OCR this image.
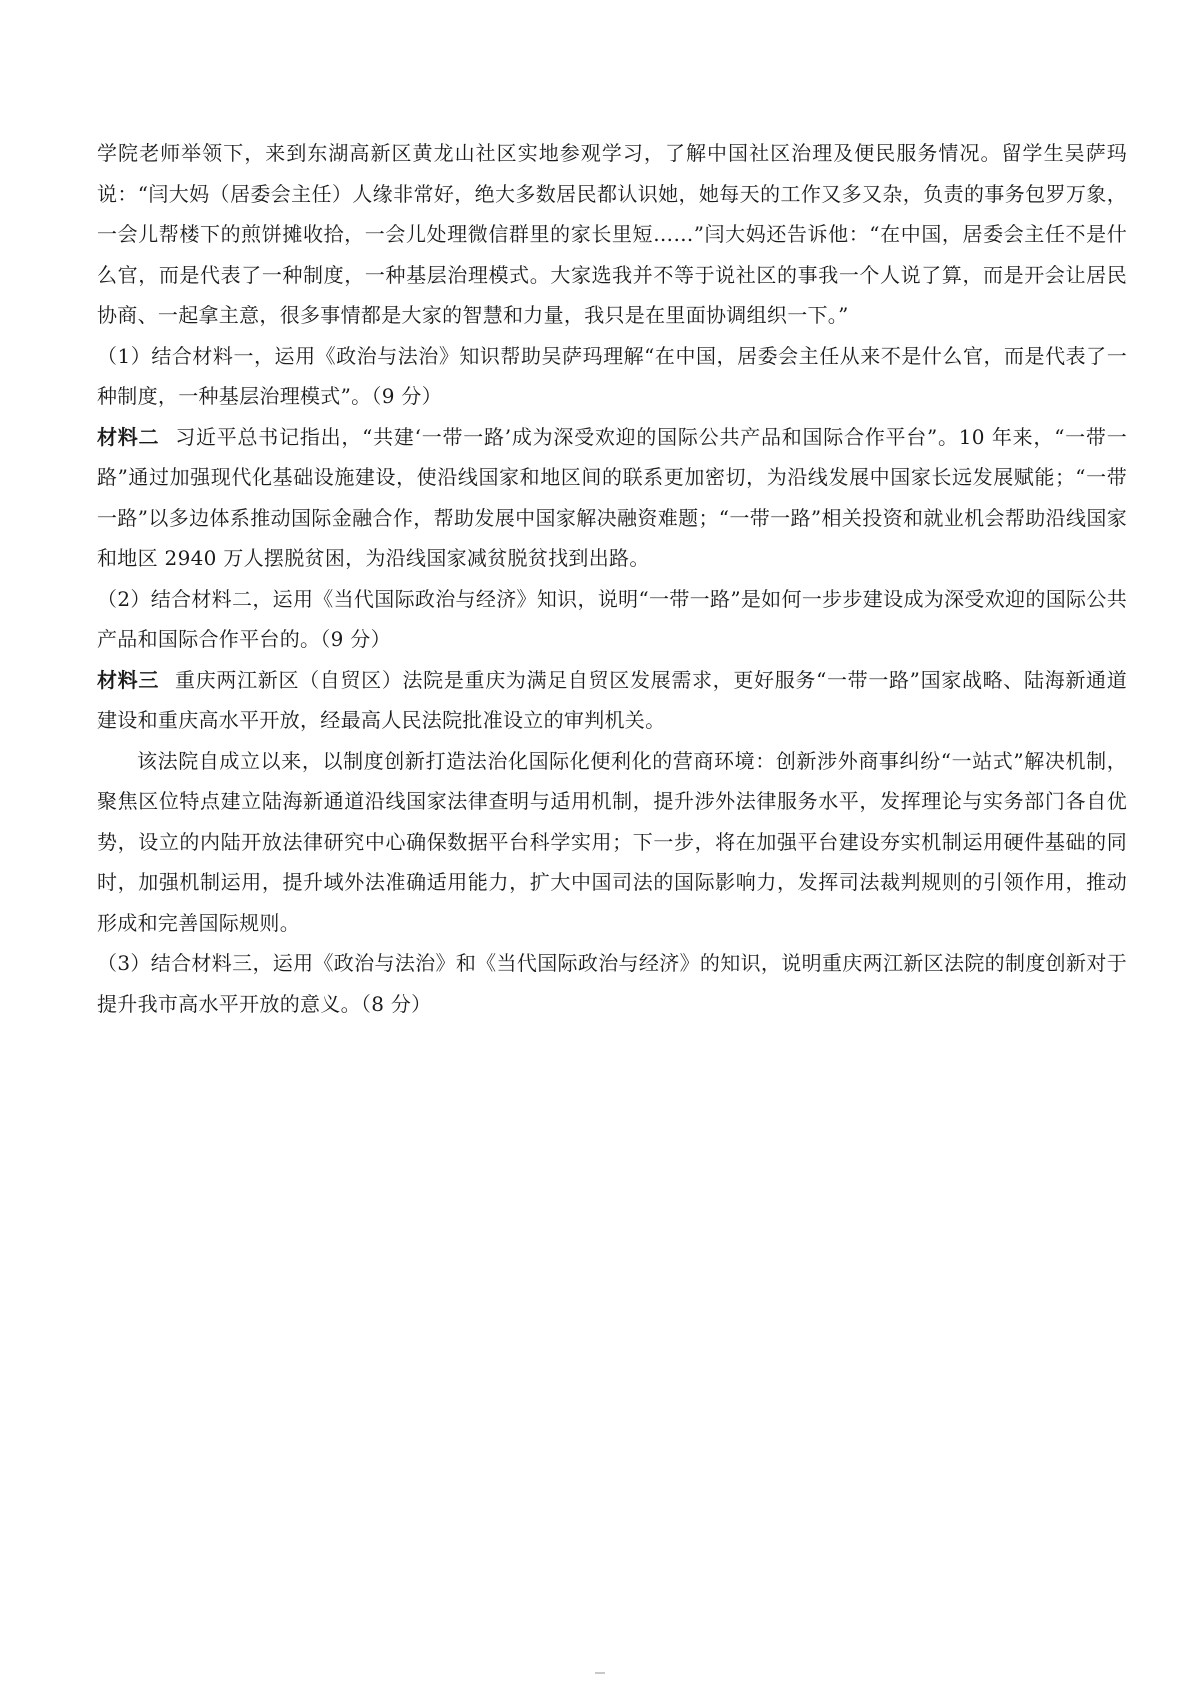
学院老师举领下，来到东湖高新区黄龙山社区实地参观学习，了解中国社区治理及便民服务情况。留学生吴萨玛说：“闫大妈（居委会主任）人缘非常好，绝大多数居民都认识她，她每天的工作又多又杂，负责的事务包罗万象，一会儿帮楼下的煎饼摊收拾，一会儿处理微信群里的家长里短……”闫大妈还告诉他：“在中国，居委会主任不是什么官，而是代表了一种制度，一种基层治理模式。大家选我并不等于说社区的事我一个人说了算，而是开会让居民协商、一起拿主意，很多事情都是大家的智慧和力量，我只是在里面协调组织一下。”

（1）结合材料一，运用《政治与法治》知识帮助吴萨玛理解“在中国，居委会主任从来不是什么官，而是代表了一种制度，一种基层治理模式”。（9 分）

材料二 习近平总书记指出，“共建‘一带一路’成为深受欢迎的国际公共产品和国际合作平台”。10 年来，“一带一路”通过加强现代化基础设施建设，使沿线国家和地区间的联系更加密切，为沿线发展中国家长远发展赋能；“一带一路”以多边体系推动国际金融合作，帮助发展中国家解决融资难题；“一带一路”相关投资和就业机会帮助沿线国家和地区 2940 万人摆脱贫困，为沿线国家减贫脱贫找到出路。

（2）结合材料二，运用《当代国际政治与经济》知识，说明“一带一路”是如何一步步建设成为深受欢迎的国际公共产品和国际合作平台的。（9 分）

材料三 重庆两江新区（自贸区）法院是重庆为满足自贸区发展需求，更好服务“一带一路”国家战略、陆海新通道建设和重庆高水平开放，经最高人民法院批准设立的审判机关。

该法院自成立以来，以制度创新打造法治化国际化便利化的营商环境：创新涉外商事纠纷“一站式”解决机制，聚焦区位特点建立陆海新通道沿线国家法律查明与适用机制，提升涉外法律服务水平，发挥理论与实务部门各自优势，设立的内陆开放法律研究中心确保数据平台科学实用；下一步，将在加强平台建设夯实机制运用硬件基础的同时，加强机制运用，提升域外法准确适用能力，扩大中国司法的国际影响力，发挥司法裁判规则的引领作用，推动形成和完善国际规则。

（3）结合材料三，运用《政治与法治》和《当代国际政治与经济》的知识，说明重庆两江新区法院的制度创新对于提升我市高水平开放的意义。（8 分）
